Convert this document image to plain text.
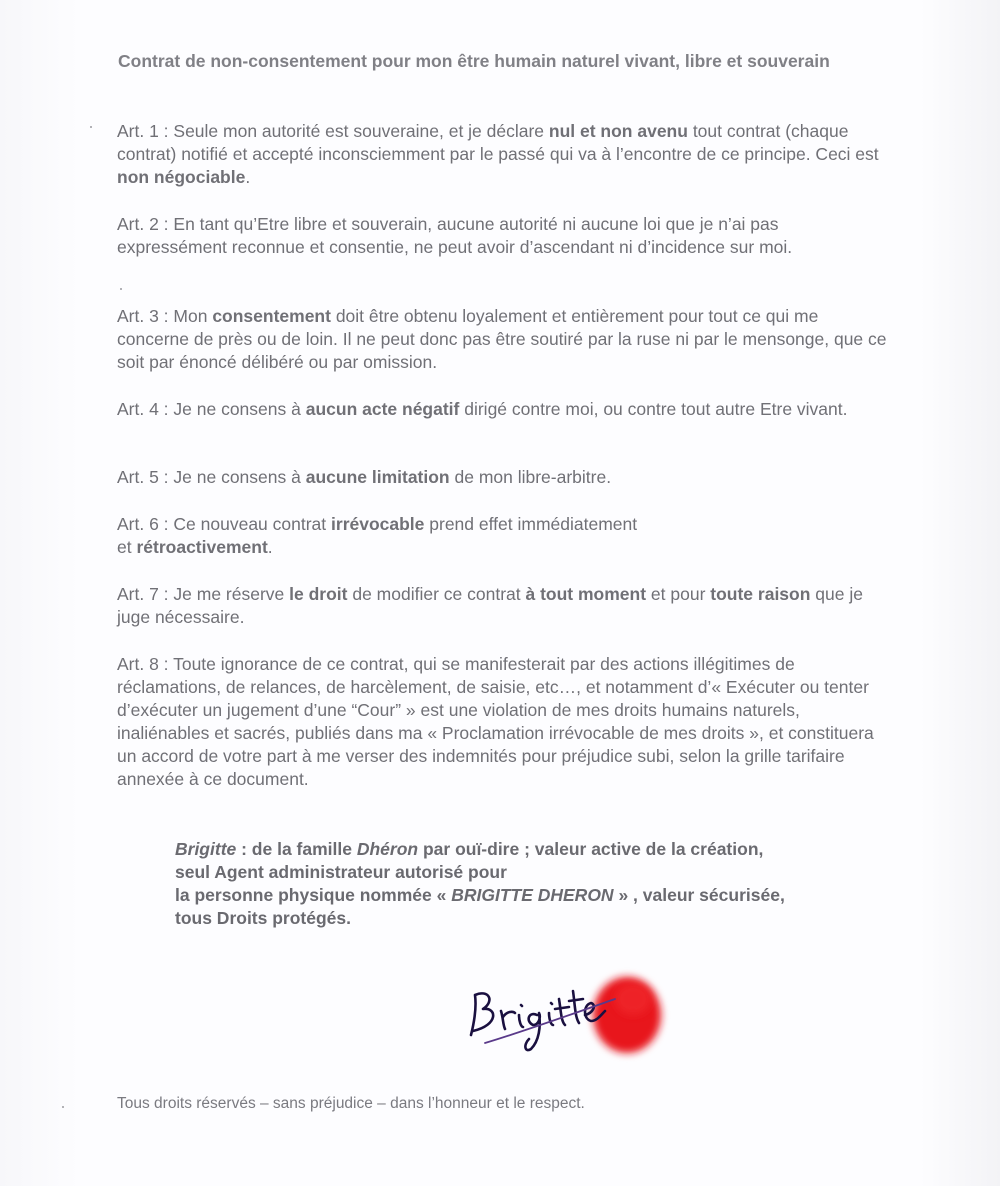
Contrat de non-consentement pour mon être humain naturel vivant, libre et souverain

Art. 1 : Seule mon autorité est souveraine, et je déclare nul et non avenu tout contrat (chaque contrat) notifié et accepté inconsciemment par le passé qui va à l’encontre de ce principe. Ceci est non négociable.

Art. 2 : En tant qu’Etre libre et souverain, aucune autorité ni aucune loi que je n’ai pas expressément reconnue et consentie, ne peut avoir d’ascendant ni d’incidence sur moi.

Art. 3 : Mon consentement doit être obtenu loyalement et entièrement pour tout ce qui me concerne de près ou de loin. Il ne peut donc pas être soutiré par la ruse ni par le mensonge, que ce soit par énoncé délibéré ou par omission.

Art. 4 : Je ne consens à aucun acte négatif dirigé contre moi, ou contre tout autre Etre vivant.

Art. 5 : Je ne consens à aucune limitation de mon libre-arbitre.

Art. 6 : Ce nouveau contrat irrévocable prend effet immédiatement
et rétroactivement.

Art. 7 : Je me réserve le droit de modifier ce contrat à tout moment et pour toute raison que je juge nécessaire.

Art. 8 : Toute ignorance de ce contrat, qui se manifesterait par des actions illégitimes de réclamations, de relances, de harcèlement, de saisie, etc…, et notamment d’« Exécuter ou tenter d’exécuter un jugement d’une “Cour” » est une violation de mes droits humains naturels, inaliénables et sacrés, publiés dans ma « Proclamation irrévocable de mes droits », et constituera un accord de votre part à me verser des indemnités pour préjudice subi, selon la grille tarifaire annexée à ce document.

Brigitte : de la famille Dhéron par ouï-dire ; valeur active de la création,
seul Agent administrateur autorisé pour
la personne physique nommée « BRIGITTE DHERON » , valeur sécurisée,
tous Droits protégés.

Tous droits réservés – sans préjudice – dans l’honneur et le respect.
